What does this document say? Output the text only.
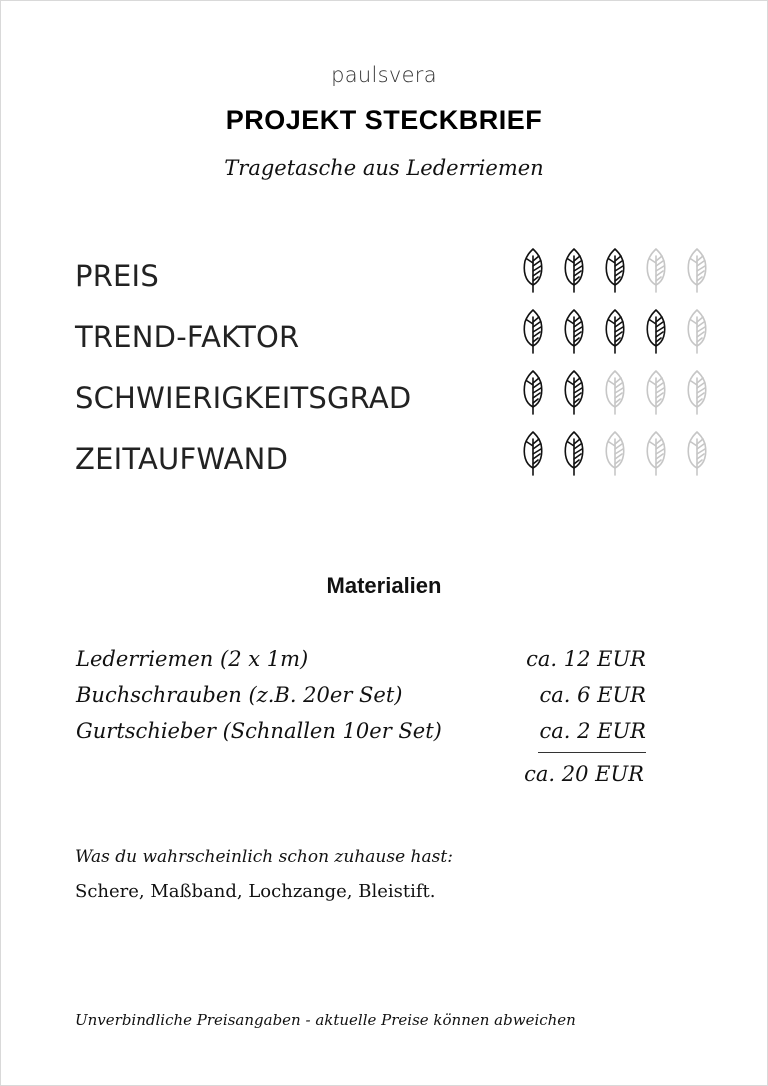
paulsvera
PROJEKT STECKBRIEF
Tragetasche aus Lederriemen
PREIS
TREND-FAKTOR
SCHWIERIGKEITSGRAD
ZEITAUFWAND
Materialien
Lederriemen (2 x 1m)	ca. 12 EUR
Buchschrauben (z.B. 20er Set)	ca. 6 EUR
Gurtschieber (Schnallen 10er Set)	ca. 2 EUR
ca. 20 EUR
Was du wahrscheinlich schon zuhause hast:
Schere, Maßband, Lochzange, Bleistift.
Unverbindliche Preisangaben - aktuelle Preise können abweichen
